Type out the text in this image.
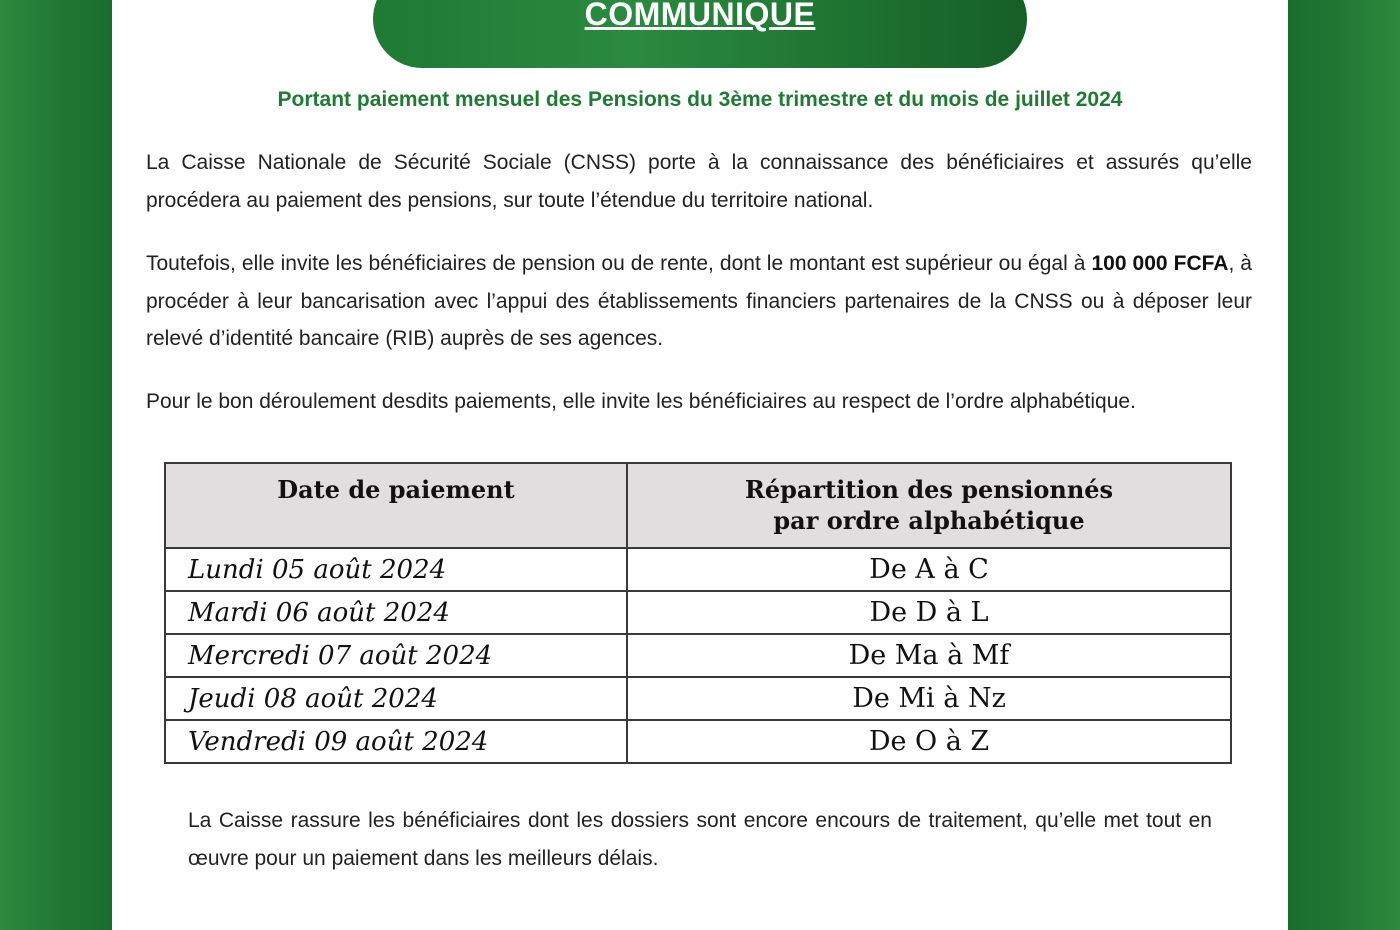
COMMUNIQUE
Portant paiement mensuel des Pensions du 3ème trimestre et du mois de juillet 2024

La Caisse Nationale de Sécurité Sociale (CNSS) porte à la connaissance des bénéficiaires et assurés qu’elle procédera au paiement des pensions, sur toute l’étendue du territoire national.

Toutefois, elle invite les bénéficiaires de pension ou de rente, dont le montant est supérieur ou égal à 100 000 FCFA, à procéder à leur bancarisation avec l’appui des établissements financiers partenaires de la CNSS ou à déposer leur relevé d’identité bancaire (RIB) auprès de ses agences.

Pour le bon déroulement desdits paiements, elle invite les bénéficiaires au respect de l’ordre alphabétique.

Date de paiement	Répartition des pensionnés
par ordre alphabétique
Lundi 05 août 2024	De A à C
Mardi 06 août 2024	De D à L
Mercredi 07 août 2024	De Ma à Mf
Jeudi 08 août 2024	De Mi à Nz
Vendredi 09 août 2024	De O à Z

La Caisse rassure les bénéficiaires dont les dossiers sont encore encours de traitement, qu’elle met tout en œuvre pour un paiement dans les meilleurs délais.
